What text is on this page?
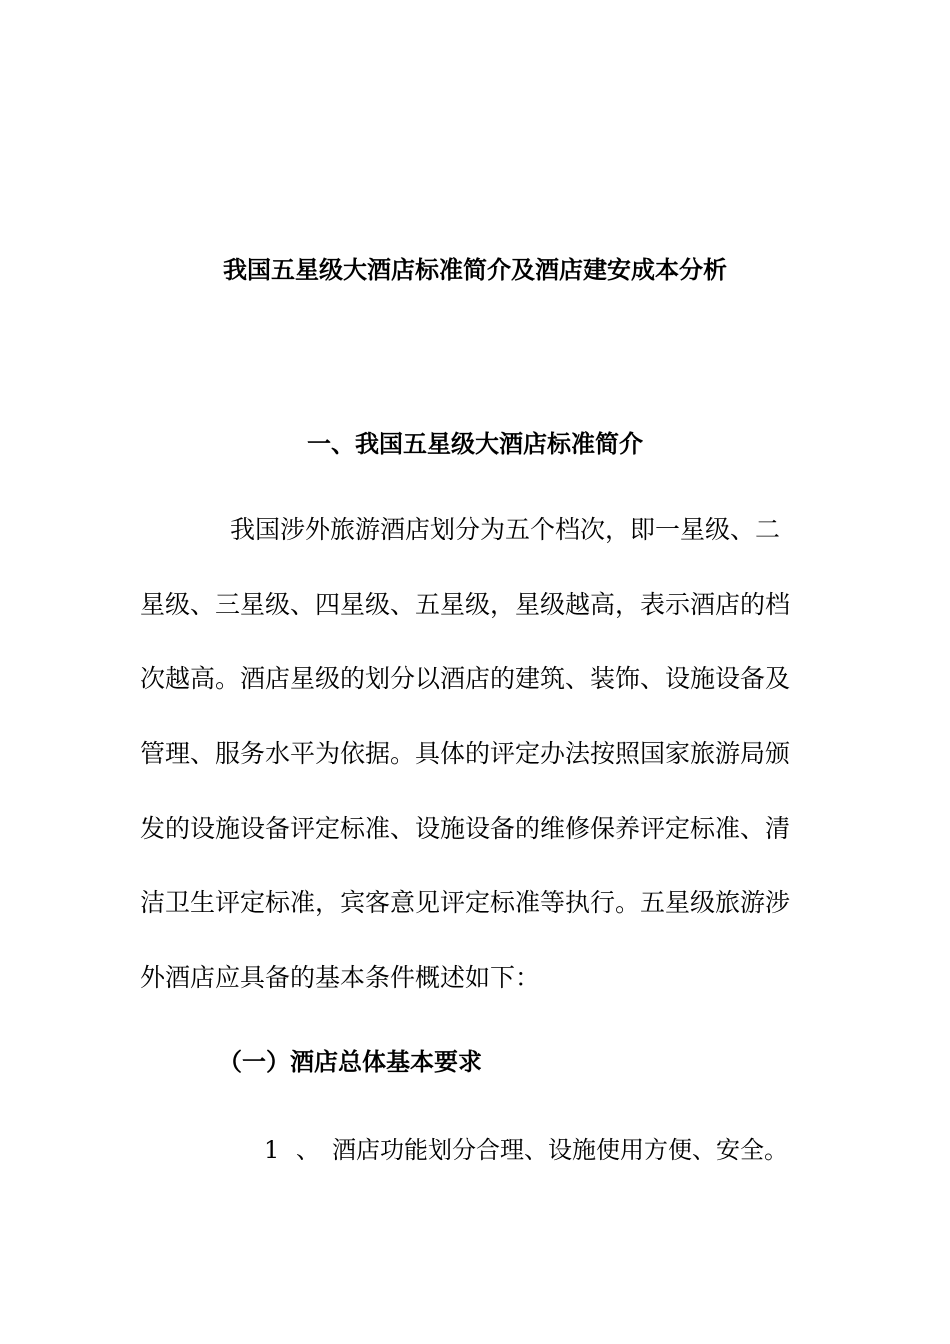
我国五星级大酒店标准简介及酒店建安成本分析
一、我国五星级大酒店标准简介

我国涉外旅游酒店划分为五个档次，即一星级、二

星级、三星级、四星级、五星级，星级越高，表示酒店的档

次越高。酒店星级的划分以酒店的建筑、装饰、设施设备及

管理、服务水平为依据。具体的评定办法按照国家旅游局颁

发的设施设备评定标准、设施设备的维修保养评定标准、清

洁卫生评定标准，宾客意见评定标准等执行。五星级旅游涉

外酒店应具备的基本条件概述如下：

（一）酒店总体基本要求

1 、 酒店功能划分合理、设施使用方便、安全。
